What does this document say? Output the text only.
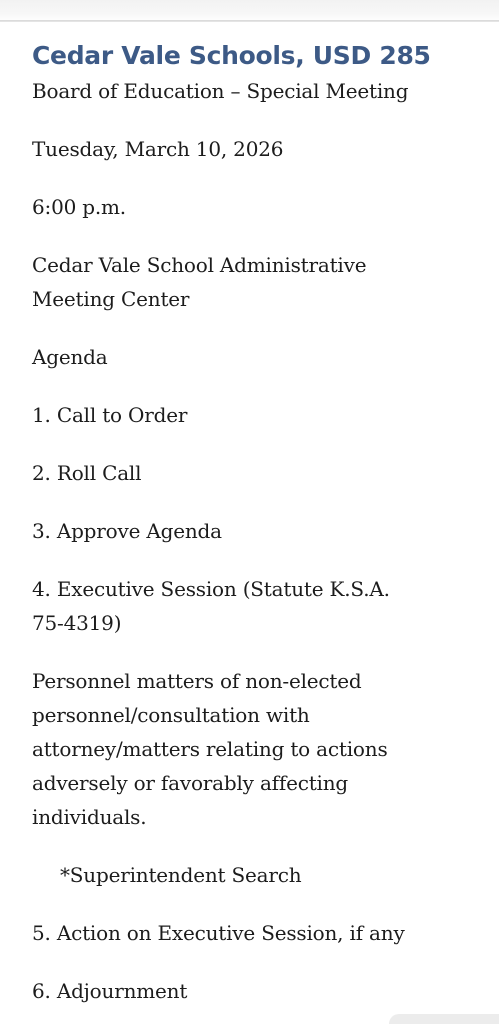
Cedar Vale Schools, USD 285

Board of Education – Special Meeting

Tuesday, March 10, 2026

6:00 p.m.

Cedar Vale School Administrative

Meeting Center

Agenda

1. Call to Order

2. Roll Call

3. Approve Agenda

4. Executive Session (Statute K.S.A.

75-4319)

Personnel matters of non-elected

personnel/consultation with

attorney/matters relating to actions

adversely or favorably affecting

individuals.

*Superintendent Search

5. Action on Executive Session, if any

6. Adjournment
